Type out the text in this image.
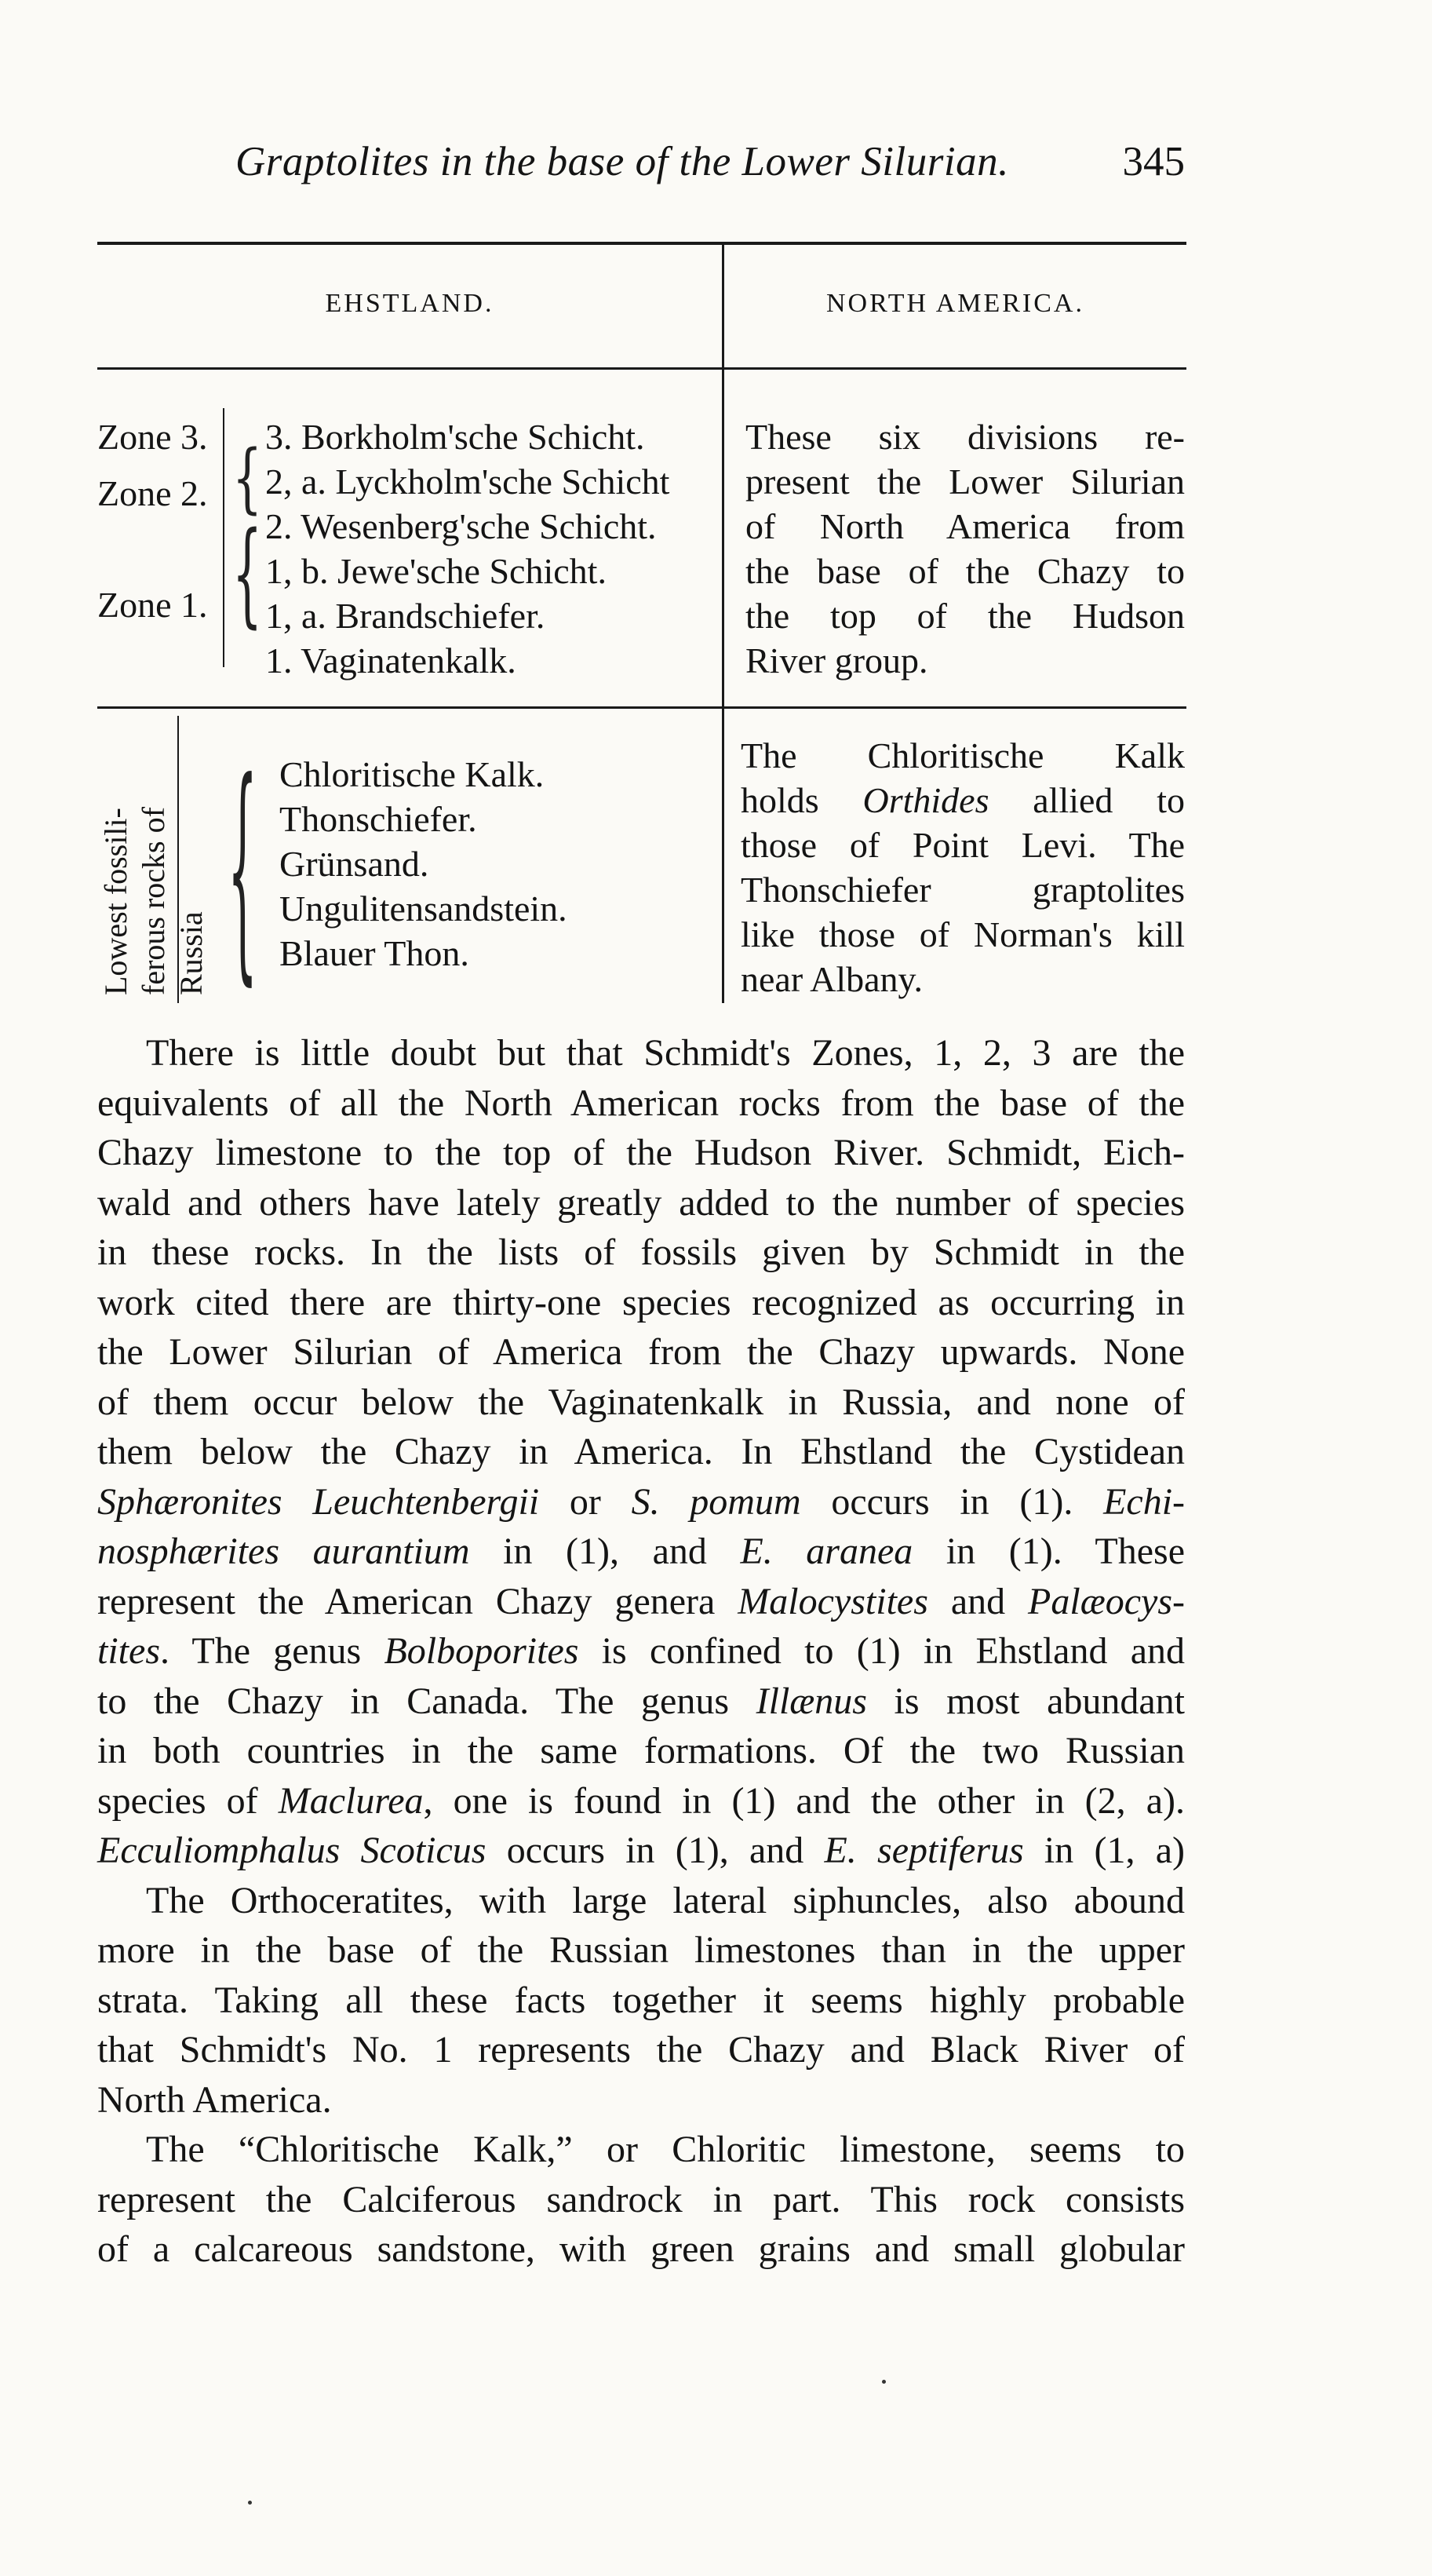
Graptolites in the base of the Lower Silurian.	345
EHSTLAND.	NORTH AMERICA.
Zone 3.
Zone 2.
Zone 1.
{
{
3. Borkholm'sche Schicht.
2, a. Lyckholm'sche Schicht
2. Wesenberg'sche Schicht.
1, b. Jewe'sche Schicht.
1, a. Brandschiefer.
1. Vaginatenkalk.
These six divisions re-
present the Lower Silurian
of North America from
the base of the Chazy to
the top of the Hudson
River group.
Lowest fossili- ferous rocks of Russia { Chloritische Kalk.
Thonschiefer.
Grünsand.
Ungulitensandstein.
Blauer Thon.
The Chloritische Kalk
holds Orthides allied to
those of Point Levi. The
Thonschiefer graptolites
like those of Norman's kill
near Albany.
There is little doubt but that Schmidt's Zones, 1, 2, 3 are the
equivalents of all the North American rocks from the base of the
Chazy limestone to the top of the Hudson River. Schmidt, Eich-
wald and others have lately greatly added to the number of species
in these rocks. In the lists of fossils given by Schmidt in the
work cited there are thirty-one species recognized as occurring in
the Lower Silurian of America from the Chazy upwards. None
of them occur below the Vaginatenkalk in Russia, and none of
them below the Chazy in America. In Ehstland the Cystidean
Sphæronites Leuchtenbergii or S. pomum occurs in (1). Echi-
nosphærites aurantium in (1), and E. aranea in (1). These
represent the American Chazy genera Malocystites and Palæocys-
tites. The genus Bolboporites is confined to (1) in Ehstland and
to the Chazy in Canada. The genus Illænus is most abundant
in both countries in the same formations. Of the two Russian
species of Maclurea, one is found in (1) and the other in (2, a).
Ecculiomphalus Scoticus occurs in (1), and E. septiferus in (1, a)
The Orthoceratites, with large lateral siphuncles, also abound
more in the base of the Russian limestones than in the upper
strata. Taking all these facts together it seems highly probable
that Schmidt's No. 1 represents the Chazy and Black River of
North America.
The “Chloritische Kalk,” or Chloritic limestone, seems to
represent the Calciferous sandrock in part. This rock consists
of a calcareous sandstone, with green grains and small globular
